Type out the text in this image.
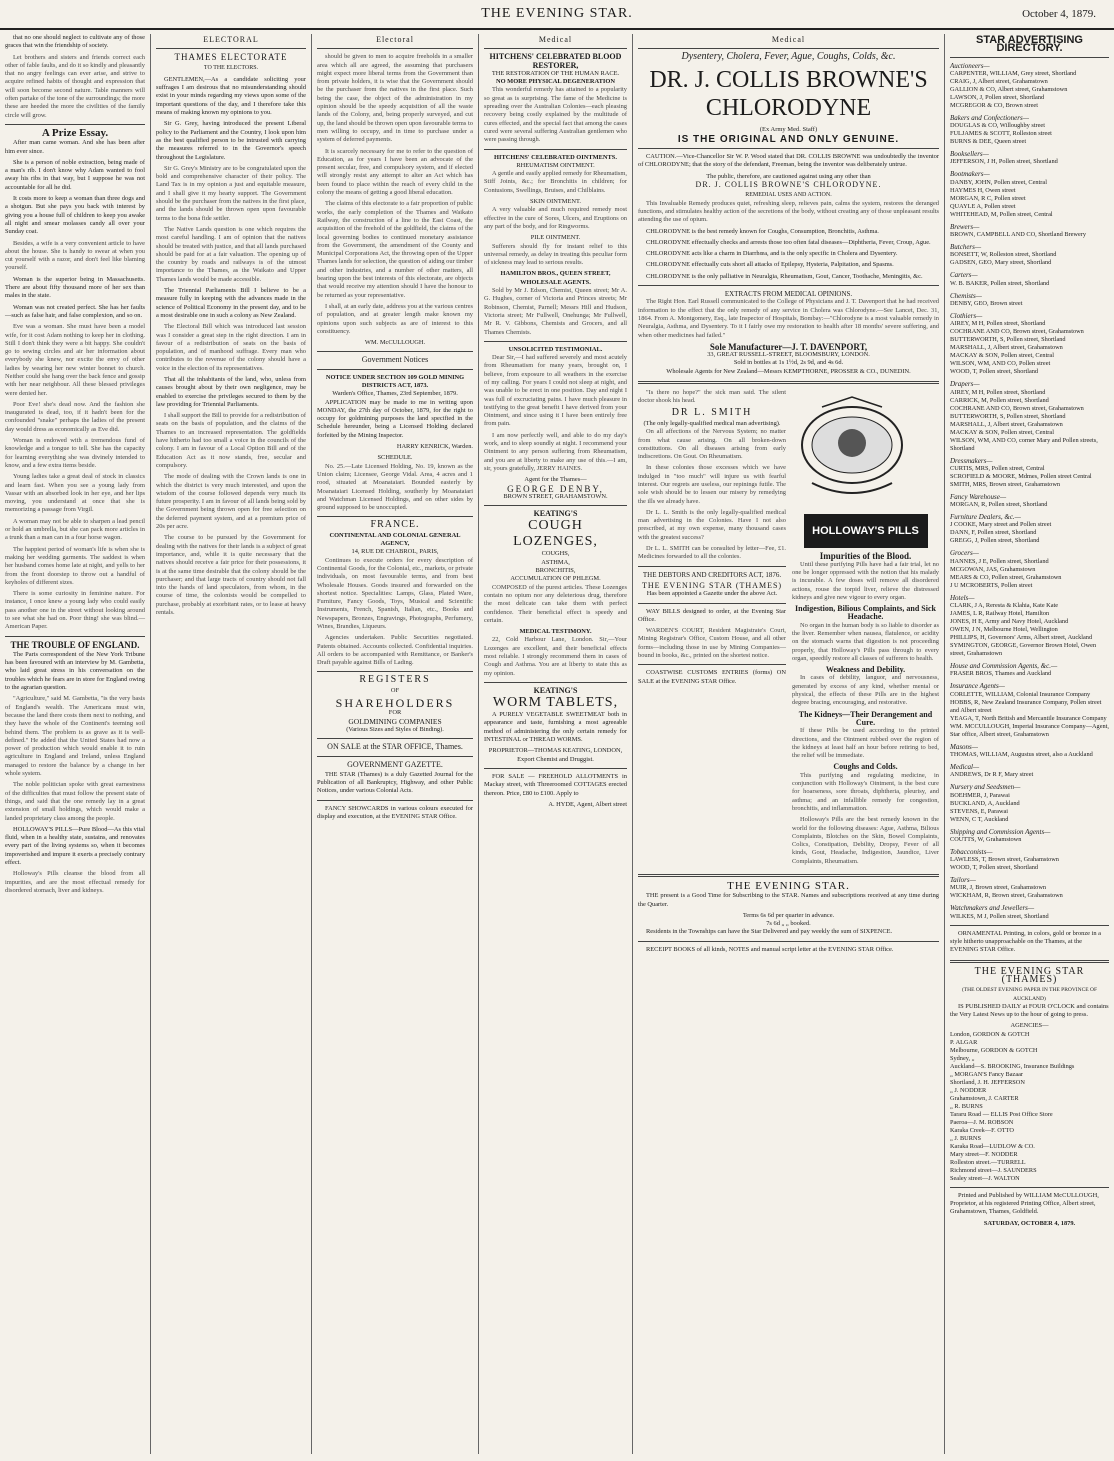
THE EVENING STAR.	October 4, 1879.

that no one should neglect to cultivate any of those graces that win the friendship of society.

Let brothers and sisters and friends correct each other of fable faults, and do it so kindly and pleasantly that no angry feelings can ever arise, and strive to acquire refined habits of thought and expression that will soon become second nature. Table manners will often partake of the tone of the surroundings; the more these are heeded the more the civilities of the family circle will grow.

A Prize Essay.

After man came woman. And she has been after him ever since.

She is a person of noble extraction, being made of a man's rib. I don't know why Adam wanted to fool away his ribs in that way, but I suppose he was not accountable for all he did.

It costs more to keep a woman than three dogs and a shotgun. But she pays you back with interest by giving you a house full of children to keep you awake all night and smear molasses candy all over your Sunday coat.

Besides, a wife is a very convenient article to have about the house. She is handy to swear at when you cut yourself with a razor, and don't feel like blaming yourself.

Woman is the superior being in Massachusetts. There are about fifty thousand more of her sex than males in the state.

Woman was not created perfect. She has her faults—such as false hair, and false complexion, and so on.

Eve was a woman. She must have been a model wife, for it cost Adam nothing to keep her in clothing. Still I don't think they were a bit happy. She couldn't go to sewing circles and air her information about everybody she knew, nor excite the envy of other ladies by wearing her new winter bonnet to church. Neither could she hang over the back fence and gossip with her near neighbour. All these blessed privileges were denied her.

Poor Eve! she's dead now. And the fashion she inaugurated is dead, too, if it hadn't been for the confounded "snake" perhaps the ladies of the present day would dress as economically as Eve did.

Woman is endowed with a tremendous fund of knowledge and a tongue to tell. She has the capacity for learning everything she was divinely intended to know, and a few extra items beside.

Young ladies take a great deal of stock in classics and learn fast. When you see a young lady from Vassar with an absorbed look in her eye, and her lips moving, you understand at once that she is memorizing a passage from Virgil.

A woman may not be able to sharpen a lead pencil or hold an umbrella, but she can pack more articles in a trunk than a man can in a four horse wagon.

The happiest period of woman's life is when she is making her wedding garments. The saddest is when her husband comes home late at night, and yells to her from the front doorstep to throw out a handful of keyholes of different sizes.

There is some curiosity in feminine nature. For instance, I once knew a young lady who could easily pass another one in the street without looking around to see what she had on. Poor thing! she was blind.—American Paper.

THE TROUBLE OF ENGLAND.

The Paris correspondent of the New York Tribune has been favoured with an interview by M. Gambetta, who laid great stress in his conversation on the troubles which he fears are in store for England owing to the agrarian question.

"Agriculture," said M. Gambetta, "is the very basis of England's wealth. The Americans must win, because the land there costs them next to nothing, and they have the whole of the Continent's teeming soil behind them. The problem is as grave as it is well-defined." He added that the United States had now a power of production which would enable it to ruin agriculture in England and Ireland, unless England managed to restore the balance by a change in her whole system.

The noble politician spoke with great earnestness of the difficulties that must follow the present state of things, and said that the one remedy lay in a great extension of small holdings, which would make a landed proprietary class among the people.

HOLLOWAY'S PILLS—Pure Blood—As this vital fluid, when in a healthy state, sustains, and renovates every part of the living systems so, when it becomes impoverished and impure it exerts a precisely contrary effect.

Holloway's Pills cleanse the blood from all impurities, and are the most effectual remedy for disordered stomach, liver and kidneys.

ELECTORAL
THAMES ELECTORATE
TO THE ELECTORS.

GENTLEMEN,—As a candidate soliciting your suffrages I am desirous that no misunderstanding should exist in your minds regarding my views upon some of the important questions of the day, and I therefore take this means of making known my opinions to you.

Sir G. Grey, having introduced the present Liberal policy to the Parliament and the Country, I look upon him as the best qualified person to be intrusted with carrying the measures referred to in the Governor's speech throughout the Legislature.

Sir G. Grey's Ministry are to be congratulated upon the bold and comprehensive character of their policy. The Land Tax is in my opinion a just and equitable measure, and I shall give it my hearty support. The Government should be the purchaser from the natives in the first place, and the lands should be thrown open upon favourable terms to the bona fide settler.

The Native Lands question is one which requires the most careful handling. I am of opinion that the natives should be treated with justice, and that all lands purchased should be paid for at a fair valuation. The opening up of the country by roads and railways is of the utmost importance to the Thames, as the Waikato and Upper Thames lands would be made accessible.

The Triennial Parliaments Bill I believe to be a measure fully in keeping with the advances made in the science of Political Economy in the present day, and to be a most desirable one in such a colony as New Zealand.

The Electoral Bill which was introduced last session was I consider a great step in the right direction. I am in favour of a redistribution of seats on the basis of population, and of manhood suffrage. Every man who contributes to the revenue of the colony should have a voice in the election of its representatives.

That all the inhabitants of the land, who, unless from causes brought about by their own negligence, may be enabled to exercise the privileges secured to them by the law providing for Triennial Parliaments.

I shall support the Bill to provide for a redistribution of seats on the basis of population, and the claims of the Thames to an increased representation. The goldfields have hitherto had too small a voice in the councils of the colony. I am in favour of a Local Option Bill and of the Education Act as it now stands, free, secular and compulsory.

The mode of dealing with the Crown lands is one in which the district is very much interested, and upon the wisdom of the course followed depends very much its future prosperity. I am in favour of all lands being sold by the Government being thrown open for free selection on the deferred payment system, and at a premium price of 20s per acre.

The course to be pursued by the Government for dealing with the natives for their lands is a subject of great importance, and, while it is quite necessary that the natives should receive a fair price for their possessions, it is at the same time desirable that the colony should be the purchaser; and that large tracts of country should not fall into the hands of land speculators, from whom, in the course of time, the colonists would be compelled to purchase, probably at exorbitant rates, or to lease at heavy rentals.

Electoral

should be given to men to acquire freeholds in a smaller area which all are agreed, the assuming that purchasers might expect more liberal terms from the Government than from private holders, it is wise that the Government should be the purchaser from the natives in the first place. Such being the case, the object of the administration in my opinion should be the speedy acquisition of all the waste lands of the Colony, and, being properly surveyed, and cut up, the land should be thrown open upon favourable terms to men willing to occupy, and in time to purchase under a system of deferred payments.

It is scarcely necessary for me to refer to the question of Education, as for years I have been an advocate of the present secular, free, and compulsory system, and if elected will strongly resist any attempt to alter an Act which has been found to place within the reach of every child in the colony the means of getting a good liberal education.

The claims of this electorate to a fair proportion of public works, the early completion of the Thames and Waikato Railway, the construction of a line to the East Coast, the acquisition of the freehold of the goldfield, the claims of the local governing bodies to continued monetary assistance from the Government, the amendment of the County and Municipal Corporations Act, the throwing open of the Upper Thames lands for selection, the question of aiding our timber and other industries, and a number of other matters, all bearing upon the best interests of this electorate, are objects that would receive my attention should I have the honour to be returned as your representative.

I shall, at an early date, address you at the various centres of population, and at greater length make known my opinions upon such subjects as are of interest to this constituency.

WM. McCULLOUGH.
Government Notices
NOTICE UNDER SECTION 109 GOLD MINING DISTRICTS ACT, 1873.
Warden's Office, Thames, 23rd September, 1879.

APPLICATION may be made to me in writing upon MONDAY, the 27th day of October, 1879, for the right to occupy for goldmining purposes the land specified in the Schedule hereunder, being a Licensed Holding declared forfeited by the Mining Inspector.

HARRY KENRICK, Warden.
SCHEDULE.

No. 25.—Late Licensed Holding, No. 19, known as the Union claim; Licensee, George Vidal. Area, 4 acres and 1 rood, situated at Moanataiari. Bounded easterly by Moanataiari Licensed Holding, southerly by Moanataiari and Watchman Licensed Holdings, and on other sides by ground supposed to be unoccupied.

FRANCE.
CONTINENTAL AND COLONIAL GENERAL AGENCY,
14, RUE DE CHABROL, PARIS,

Continues to execute orders for every description of Continental Goods, for the Colonial, etc., markets, or private individuals, on most favourable terms, and from best Wholesale Houses. Goods insured and forwarded on the shortest notice. Specialities: Lamps, Glass, Plated Ware, Furniture, Fancy Goods, Toys, Musical and Scientific Instruments, French, Spanish, Italian, etc., Books and Newspapers, Bronzes, Engravings, Photographs, Perfumery, Wines, Brandies, Liqueurs.

Agencies undertaken. Public Securities negotiated. Patents obtained. Accounts collected. Confidential inquiries. All orders to be accompanied with Remittance, or Banker's Draft payable against Bills of Lading.

REGISTERS
OF
SHAREHOLDERS
FOR
GOLDMINING COMPANIES
(Various Sizes and Styles of Binding).
ON SALE at the STAR OFFICE, Thames.
GOVERNMENT GAZETTE.

THE STAR (Thames) is a duly Gazetted Journal for the Publication of all Bankruptcy, Highway, and other Public Notices, under various Colonial Acts.

FANCY SHOWCARDS in various colours executed for display and execution, at the EVENING STAR Office.

Medical
HITCHENS' CELEBRATED BLOOD RESTORER,
THE RESTORATION OF THE HUMAN RACE.
NO MORE PHYSICAL DEGENERATION

This wonderful remedy has attained to a popularity so great as is surprising. The fame of the Medicine is spreading over the Australian Colonies—each pleasing recovery being costly explained by the multitude of cures effected, and the special fact that among the cases cured were several suffering Australian gentlemen who were passing through.

HITCHENS' CELEBRATED OINTMENTS.
RHEUMATISM OINTMENT.

A gentle and easily applied remedy for Rheumatism, Stiff Joints, &c.; for Bronchitis in children; for Contusions, Swellings, Bruises, and Chilblains.

SKIN OINTMENT.

A very valuable and much required remedy most effective in the cure of Sores, Ulcers, and Eruptions on any part of the body, and for Ringworms.

PILE OINTMENT.

Sufferers should fly for instant relief to this universal remedy, as delay in treating this peculiar form of sickness may lead to serious results.

HAMILTON BROS., QUEEN STREET, WHOLESALE AGENTS.

Sold by Mr J. Edson, Chemist, Queen street; Mr A. G. Hughes, corner of Victoria and Princes streets; Mr Robinson, Chemist, Parnell; Messrs Hill and Hudson, Victoria street; Mr Fullwell, Onehunga; Mr Fullwell, Mr R. V. Gibbons, Chemists and Grocers, and all Thames Chemists.

UNSOLICITED TESTIMONIAL.

Dear Sir,—I had suffered severely and most acutely from Rheumatism for many years, brought on, I believe, from exposure to all weathers in the exercise of my calling. For years I could not sleep at night, and was unable to be erect in one position. Day and night I was full of excruciating pains. I have much pleasure in testifying to the great benefit I have derived from your Ointment, and since using it I have been entirely free from pain.

I am now perfectly well, and able to do my day's work, and to sleep soundly at night. I recommend your Ointment to any person suffering from Rheumatism, and you are at liberty to make any use of this.—I am, sir, yours gratefully, JERRY HAINES.

Agent for the Thames—
GEORGE DENBY,
BROWN STREET, GRAHAMSTOWN.
KEATING'S
COUGH LOZENGES,
COUGHS,
ASTHMA,
BRONCHITIS,
ACCUMULATION OF PHLEGM.

COMPOSED of the purest articles. These Lozenges contain no opium nor any deleterious drug, therefore the most delicate can take them with perfect confidence. Their beneficial effect is speedy and certain.

MEDICAL TESTIMONY.

22, Cold Harbour Lane, London. Sir,—Your Lozenges are excellent, and their beneficial effects most reliable. I strongly recommend them in cases of Cough and Asthma. You are at liberty to state this as my opinion.

KEATING'S
WORM TABLETS,

A PURELY VEGETABLE SWEETMEAT both in appearance and taste, furnishing a most agreeable method of administering the only certain remedy for INTESTINAL or THREAD WORMS.

PROPRIETOR—THOMAS KEATING, LONDON, Export Chemist and Druggist.

FOR SALE — FREEHOLD ALLOTMENTS in Mackay street, with Threeroomed COTTAGES erected thereon. Price, £80 to £100. Apply to

A. HYDE, Agent, Albert street
Medical
Dysentery, Cholera, Fever, Ague, Coughs, Colds, &c.
DR. J. COLLIS BROWNE'S CHLORODYNE
(Ex Army Med. Staff)
IS THE ORIGINAL AND ONLY GENUINE.

CAUTION.—Vice-Chancellor Sir W. P. Wood stated that DR. COLLIS BROWNE was undoubtedly the inventor of CHLORODYNE; that the story of the defendant, Freeman, being the inventor was deliberately untrue.

The public, therefore, are cautioned against using any other than
DR. J. COLLIS BROWNE'S CHLORODYNE.
REMEDIAL USES AND ACTION.

This Invaluable Remedy produces quiet, refreshing sleep, relieves pain, calms the system, restores the deranged functions, and stimulates healthy action of the secretions of the body, without creating any of those unpleasant results attending the use of opium.

CHLORODYNE is the best remedy known for Coughs, Consumption, Bronchitis, Asthma.

CHLORODYNE effectually checks and arrests those too often fatal diseases—Diphtheria, Fever, Croup, Ague.

CHLORODYNE acts like a charm in Diarrhœa, and is the only specific in Cholera and Dysentery.

CHLORODYNE effectually cuts short all attacks of Epilepsy, Hysteria, Palpitation, and Spasms.

CHLORODYNE is the only palliative in Neuralgia, Rheumatism, Gout, Cancer, Toothache, Meningitis, &c.

EXTRACTS FROM MEDICAL OPINIONS.

The Right Hon. Earl Russell communicated to the College of Physicians and J. T. Davenport that he had received information to the effect that the only remedy of any service in Cholera was Chlorodyne.—See Lancet, Dec. 31, 1864. From A. Montgomery, Esq., late Inspector of Hospitals, Bombay:—"Chlorodyne is a most valuable remedy in Neuralgia, Asthma, and Dysentery. To it I fairly owe my restoration to health after 18 months' severe suffering, and when other medicines had failed."

Sole Manufacturer—J. T. DAVENPORT,
33, GREAT RUSSELL-STREET, BLOOMSBURY, LONDON.
Sold in bottles at 1s 1½d, 2s 9d, and 4s 6d.
Wholesale Agents for New Zealand—Messrs KEMPTHORNE, PROSSER & CO., DUNEDIN.

"Is there no hope?" the sick man said. The silent doctor shook his head.

DR L. SMITH
(The only legally-qualified medical man advertising).

On all affections of the Nervous System; no matter from what cause arising. On all broken-down constitutions. On all diseases arising from early indiscretions. On Gout. On Rheumatism.

In these colonies those excesses which we have indulged in "too much" will injure us with fearful interest. Our regrets are useless, our repinings futile. The sole wish should be to lessen our misery by remedying the ills we already have.

Dr L. L. Smith is the only legally-qualified medical man advertising in the Colonies. Have I not also prescribed, at my own expense, many thousand cases with the greatest success?

Dr L. L. SMITH can be consulted by letter—Fee, £1. Medicines forwarded to all the colonies.

THE DEBTORS AND CREDITORS ACT, 1876.
THE EVENING STAR (THAMES)
Has been appointed a Gazette under the above Act.

WAY BILLS designed to order, at the Evening Star Office.

WARDEN'S COURT, Resident Magistrate's Court, Mining Registrar's Office, Custom House, and all other forms—including those in use by Mining Companies—bound in books, &c., printed on the shortest notice.

COASTWISE CUSTOMS ENTRIES (forms) ON SALE at the EVENING STAR Office.

HOLLOWAY'S PILLS
Impurities of the Blood.

Until these purifying Pills have had a fair trial, let no one be longer oppressed with the notion that his malady is incurable. A few doses will remove all disordered actions, rouse the torpid liver, relieve the distressed kidneys and give new vigour to every organ.

Indigestion, Bilious Complaints, and Sick Headache.

No organ in the human body is so liable to disorder as the liver. Remember when nausea, flatulence, or acidity on the stomach warns that digestion is not proceeding properly, that Holloway's Pills pass through to every organ, speedily restore all classes of sufferers to health.

Weakness and Debility.

In cases of debility, languor, and nervousness, generated by excess of any kind, whether mental or physical, the effects of these Pills are in the highest degree bracing, encouraging, and restorative.

The Kidneys—Their Derangement and Cure.

If these Pills be used according to the printed directions, and the Ointment rubbed over the region of the kidneys at least half an hour before retiring to bed, the relief will be immediate.

Coughs and Colds.

This purifying and regulating medicine, in conjunction with Holloway's Ointment, is the best cure for hoarseness, sore throats, diphtheria, pleurisy, and asthma; and an infallible remedy for congestion, bronchitis, and inflammation.

Holloway's Pills are the best remedy known in the world for the following diseases: Ague, Asthma, Bilious Complaints, Blotches on the Skin, Bowel Complaints, Colics, Constipation, Debility, Dropsy, Fever of all kinds, Gout, Headache, Indigestion, Jaundice, Liver Complaints, Rheumatism.

THE EVENING STAR.

THE present is a Good Time for Subscribing to the STAR. Names and subscriptions received at any time during the Quarter.

Terms 6s 6d per quarter in advance.
7s 6d „ „ booked.

Residents in the Townships can have the Star Delivered and pay weekly the sum of SIXPENCE.

RECEIPT BOOKS of all kinds, NOTES and manual script letter at the EVENING STAR Office.

STAR ADVERTISING DIRECTORY.
Auctioneers—
CARPENTER, WILLIAM, Grey street, Shortland
CRAIG, J, Albert street, Grahamstown
GALLION & CO, Albert street, Grahamstown
LAWSON, J, Pollen street, Shortland
MCGREGOR & CO, Brown street
Bakers and Confectioners—
DOUGLAS & CO, Willoughby street
FULJAMES & SCOTT, Rolleston street
BURNS & DEE, Queen street
Booksellers—
JEFFERSON, J H, Pollen street, Shortland
Bootmakers—
DANBY, JOHN, Pollen street, Central
HAYMES H, Owen street
MORGAN, R C, Pollen street
QUAYLE A, Pollen street
WHITEHEAD, M, Pollen street, Central
Brewers—
BROWN, CAMPBELL AND CO, Shortland Brewery
Butchers—
BONSETT, W, Rolleston street, Shortland
GADSEN, GEO, Mary street, Shortland
Carters—
W. B. BAKER, Pollen street, Shortland
Chemists—
DENBY, GEO, Brown street
Clothiers—
AIREY, M H, Pollen street, Shortland
COCHRANE AND CO, Brown street, Grahamstown
BUTTERWORTH, S, Pollen street, Shortland
MARSHALL, J, Albert street, Grahamstown
MACKAY & SON, Pollen street, Central
WILSON, WM, AND CO, Pollen street
WOOD, T, Pollen street, Shortland
Drapers—
AIREY, M H, Pollen street, Shortland
CARRICK, M, Pollen street, Shortland
COCHRANE AND CO, Brown street, Grahamstown
BUTTERWORTH, S, Pollen street, Shortland
MARSHALL, J, Albert street, Grahamstown
MACKAY & SON, Pollen street, Central
WILSON, WM, AND CO, corner Mary and Pollen streets, Shortland
Dressmakers—
CURTIS, MRS, Pollen street, Central
SCROFIELD & MOORE, Mdmes, Pollen street Central
SMITH, MRS, Brown street, Grahamstown
Fancy Warehouse—
MORGAN, R, Pollen street, Shortland
Furniture Dealers, &c.—
J COOKE, Mary street and Pollen street
DANN, F, Pollen street, Shortland
GREGG, J, Pollen street, Shortland
Grocers—
HANNES, J E, Pollen street, Shortland
MCGOWAN, JAS, Grahamstown
MEARS & CO, Pollen street, Grahamstown
J U MCROBERTS, Pollen street
Hotels—
CLARK, J A, Reresta & Klahia, Kate Kate
JAMES, L R, Railway Hotel, Hamilton
JONES, H E, Army and Navy Hotel, Auckland
OWEN, J N, Melbourne Hotel, Wellington
PHILLIPS, H, Governors' Arms, Albert street, Auckland
SYMINGTON, GEORGE, Governor Brown Hotel, Owen street, Grahamstown
House and Commission Agents, &c.—
FRASER BROS, Thames and Auckland
Insurance Agents—
CORLETTE, WILLIAM, Colonial Insurance Company
HOBBS, R, New Zealand Insurance Company, Pollen street and Albert street
YEAGA, T, North British and Mercantile Insurance Company
WM. MCCULLOUGH, Imperial Insurance Company—Agent, Star office, Albert street, Grahamstown
Masons—
THOMAS, WILLIAM, Augustus street, also a Auckland
Medical—
ANDREWS, Dr R F, Mary street
Nursery and Seedsmen—
BOEHMER, J, Parawai
BUCKLAND, A, Auckland
STEVENS, E, Parawai
WENN, C T, Auckland
Shipping and Commission Agents—
COUTTS, W, Grahamstown
Tobacconists—
LAWLESS, T, Brown street, Grahamstown
WOOD, T, Pollen street, Shortland
Tailors—
MUIR, J, Brown street, Grahamstown
WICKHAM, R, Brown street, Grahamstown
Watchmakers and Jewellers—
WILKES, M J, Pollen street, Shortland

ORNAMENTAL Printing, in colors, gold or bronze in a style hitherto unapproachable on the Thames, at the EVENING STAR Office.

THE EVENING STAR (THAMES)
(THE OLDEST EVENING PAPER IN THE PROVINCE OF AUCKLAND)

IS PUBLISHED DAILY at FOUR O'CLOCK and contains the Very Latest News up to the hour of going to press.

AGENCIES—
London, GORDON & GOTCH
P. ALGAR
Melbourne, GORDON & GOTCH
Sydney, „
Auckland—S. BROOKING, Insurance Buildings
„ MORGAN'S Fancy Bazaar
Shortland, J. H. JEFFERSON
„ J. NODDER
Grahamstown, J. CARTER
„ R. BURNS
Tararu Road — ELLIS Post Office Store
Paeroa—J. M. ROBSON
Karaka Creek—F. OTTO
„ J. BURNS
Karaka Road—LUDLOW & CO.
Mary street—F. NODDER
Rolleston street.—TURRELL
Richmond street—J. SAUNDERS
Sealey street—J. WALTON

Printed and Published by WILLIAM McCULLOUGH, Proprietor, at his registered Printing Office, Albert street, Grahamstown, Thames, Goldfield.

SATURDAY, OCTOBER 4, 1879.
